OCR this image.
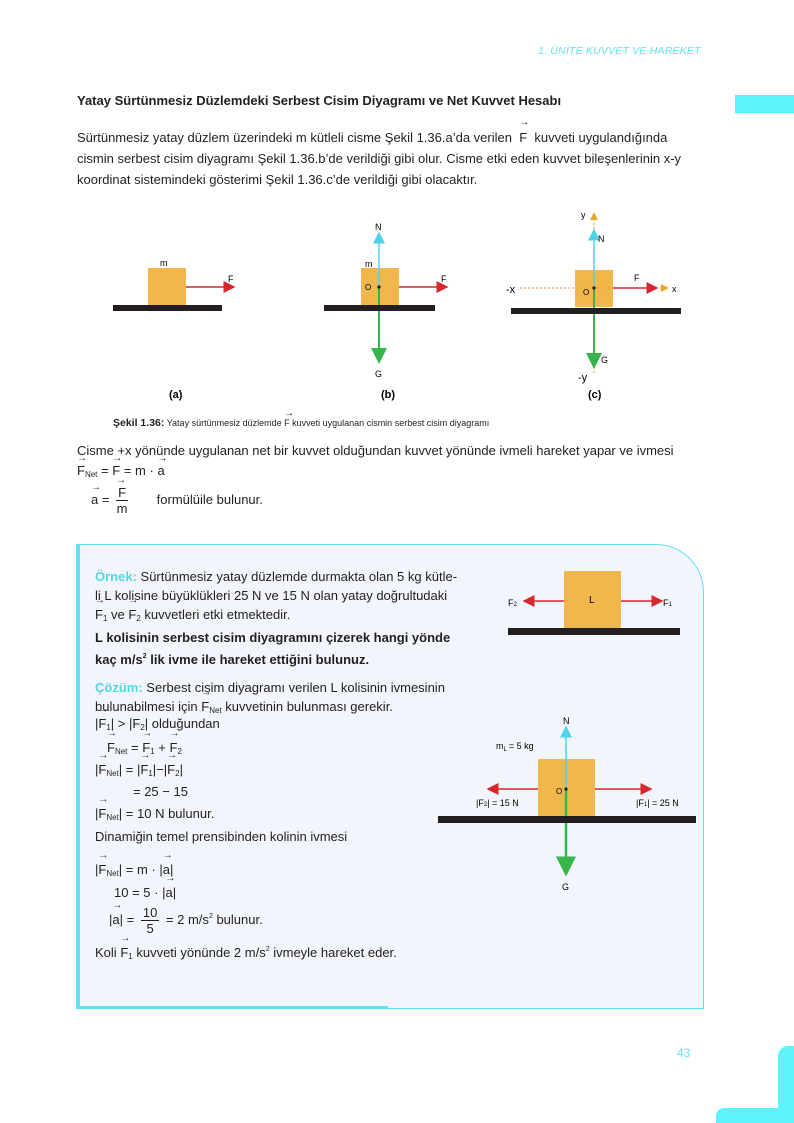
1. ÜNİTE KUVVET VE HAREKET
Yatay Sürtünmesiz Düzlemdeki Serbest Cisim Diyagramı ve Net Kuvvet Hesabı
Sürtünmesiz yatay düzlem üzerindeki m kütleli cisme Şekil 1.36.a’da verilen → F kuvveti uygulandığında
cismin serbest cisim diyagramı Şekil 1.36.b’de verildiği gibi olur. Cisme etki eden kuvvet bileşenlerinin x-y
koordinat sistemindeki gösterimi Şekil 1.36.c’de verildiği gibi olacaktır.
m
F
(a)
m
O
F
N
G
(b)
O
F
N
G
y
-y
-x	x
(c)
Şekil 1.36: Yatay sürtünmesiz düzlemde → F kuvveti uygulanan cismin serbest cisim diyagramı
Cisme +x yönünde uygulanan net bir kuvvet olduğundan kuvvet yönünde ivmeli hareket yapar ve ivmesi
→ $F_{Net}$ = → F = m · → a
→ a = → $\frac{F}{m}$ formülüile bulunur.
Örnek: Sürtünmesiz yatay düzlemde durmakta olan 5 kg kütle-
li L kolisine büyüklükleri 25 N ve 15 N olan yatay doğrultudaki
→ $F_1$ ve → $F_2$ kuvvetleri etki etmektedir.
L kolisinin serbest cisim diyagramını çizerek hangi yönde
kaç $m/s^2$ lik ivme ile hareket ettiğini bulunuz.
L
F2	F1
Çözüm: Serbest cisim diyagramı verilen L kolisinin ivmesinin
bulunabilmesi için → $F_{Net}$ kuvvetinin bulunması gerekir.
|→ $F_1|$ > |→ $F_2|$ olduğundan
→ $F_{Net}$ = → $F_1$ + → $F_2$
|→ $F_{Net}|$ = |→ $F_1|-|\to F_2|$
= 25 − 15
|→ $F_{Net}| = 10$ N bulunur.
Dinamiğin temel prensibinden kolinin ivmesi
|→ $F_{Net}| = m$ · |→ a|
10 = 5 · |→ a|
|→ $a| = \frac{10}{5} = 2$ $m/s^2$ bulunur.
Koli → $F_1$ kuvveti yönünde 2 $m/s^2$ ivmeyle hareket eder.
O
N
G
$m_L = 5$ kg
|F2| = 15 N	|F1| = 25 N
43
